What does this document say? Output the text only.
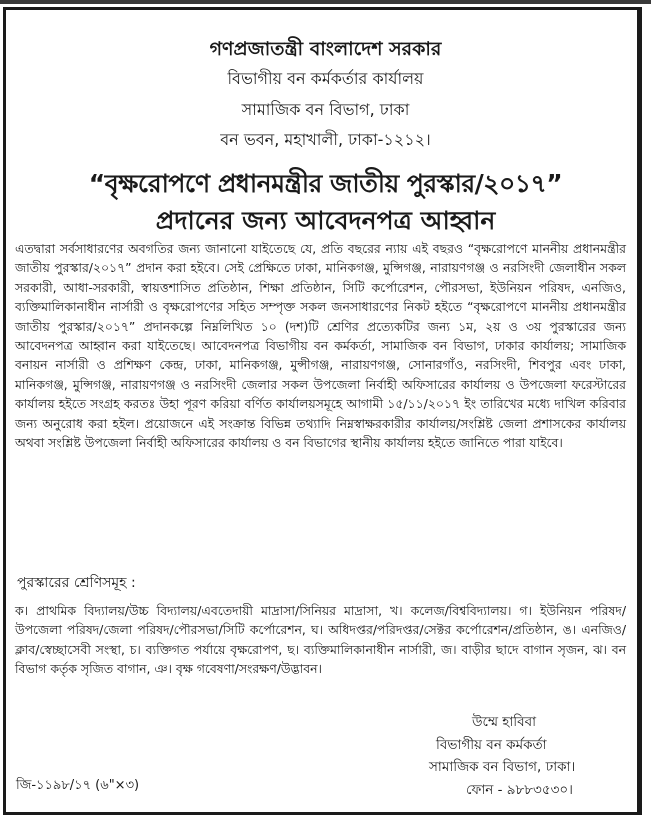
গণপ্রজাতন্ত্রী বাংলাদেশ সরকার
বিভাগীয় বন কর্মকর্তার কার্যালয়
সামাজিক বন বিভাগ, ঢাকা
বন ভবন, মহাখালী, ঢাকা-১২১২।
“বৃক্ষরোপণে প্রধানমন্ত্রীর জাতীয় পুরস্কার/২০১৭”
প্রদানের জন্য আবেদনপত্র আহ্বান

এতদ্বারা সর্বসাধারণের অবগতির জন্য জানানো যাইতেছে যে, প্রতি বছরের ন্যায় এই বছরও “বৃক্ষরোপণে মাননীয় প্রধানমন্ত্রীর জাতীয় পুরস্কার/২০১৭” প্রদান করা হইবে। সেই প্রেক্ষিতে ঢাকা, মানিকগঞ্জ, মুন্সিগঞ্জ, নারায়ণগঞ্জ ও নরসিংদী জেলাধীন সকল সরকারী, আধা-সরকারী, স্বায়ত্তশাসিত প্রতিষ্ঠান, শিক্ষা প্রতিষ্ঠান, সিটি কর্পোরেশন, পৌরসভা, ইউনিয়ন পরিষদ, এনজিও, ব্যক্তিমালিকানাধীন নার্সারী ও বৃক্ষরোপণের সহিত সম্পৃক্ত সকল জনসাধারণের নিকট হইতে “বৃক্ষরোপণে মাননীয় প্রধানমন্ত্রীর জাতীয় পুরস্কার/২০১৭” প্রদানকল্পে নিম্নলিখিত ১০ (দশ)টি শ্রেণির প্রত্যেকটির জন্য ১ম, ২য় ও ৩য় পুরস্কারের জন্য আবেদনপত্র আহ্বান করা যাইতেছে। আবেদনপত্র বিভাগীয় বন কর্মকর্তা, সামাজিক বন বিভাগ, ঢাকার কার্যালয়; সামাজিক বনায়ন নার্সারী ও প্রশিক্ষণ কেন্দ্র, ঢাকা, মানিকগঞ্জ, মুন্সীগঞ্জ, নারায়ণগঞ্জ, সোনারগাঁও, নরসিংদী, শিবপুর এবং ঢাকা, মানিকগঞ্জ, মুন্সিগঞ্জ, নারায়ণগঞ্জ ও নরসিংদী জেলার সকল উপজেলা নির্বাহী অফিসারের কার্যালয় ও উপজেলা ফরেস্টারের কার্যালয় হইতে সংগ্রহ করতঃ উহা পূরণ করিয়া বর্ণিত কার্যালয়সমূহে আগামী ১৫/১১/২০১৭ ইং তারিখের মধ্যে দাখিল করিবার জন্য অনুরোধ করা হইল। প্রয়োজনে এই সংক্রান্ত বিভিন্ন তথ্যাদি নিম্নস্বাক্ষরকারীর কার্যালয়/সংশ্লিষ্ট জেলা প্রশাসকের কার্যালয় অথবা সংশ্লিষ্ট উপজেলা নির্বাহী অফিসারের কার্যালয় ও বন বিভাগের স্থানীয় কার্যালয় হইতে জানিতে পারা যাইবে।

পুরস্কারের শ্রেণিসমূহ :

ক। প্রাথমিক বিদ্যালয়/উচ্চ বিদ্যালয়/এবতেদায়ী মাদ্রাসা/সিনিয়র মাদ্রাসা, খ। কলেজ/বিশ্ববিদ্যালয়। গ। ইউনিয়ন পরিষদ/উপজেলা পরিষদ/জেলা পরিষদ/পৌরসভা/সিটি কর্পোরেশন, ঘ। অধিদপ্তর/পরিদপ্তর/সেক্টর কর্পোরেশন/প্রতিষ্ঠান, ঙ। এনজিও/ক্লাব/স্বেচ্ছাসেবী সংস্থা, চ। ব্যক্তিগত পর্যায়ে বৃক্ষরোপণ, ছ। ব্যক্তিমালিকানাধীন নার্সারী, জ। বাড়ীর ছাদে বাগান সৃজন, ঝ। বন বিভাগ কর্তৃক সৃজিত বাগান, ঞ। বৃক্ষ গবেষণা/সংরক্ষণ/উদ্ভাবন।

উম্মে হাবিবা
বিভাগীয় বন কর্মকর্তা
সামাজিক বন বিভাগ, ঢাকা।
ফোন - ৯৮৮৩৫৩০।
জি-১১৯৮/১৭ (৬"×৩)
